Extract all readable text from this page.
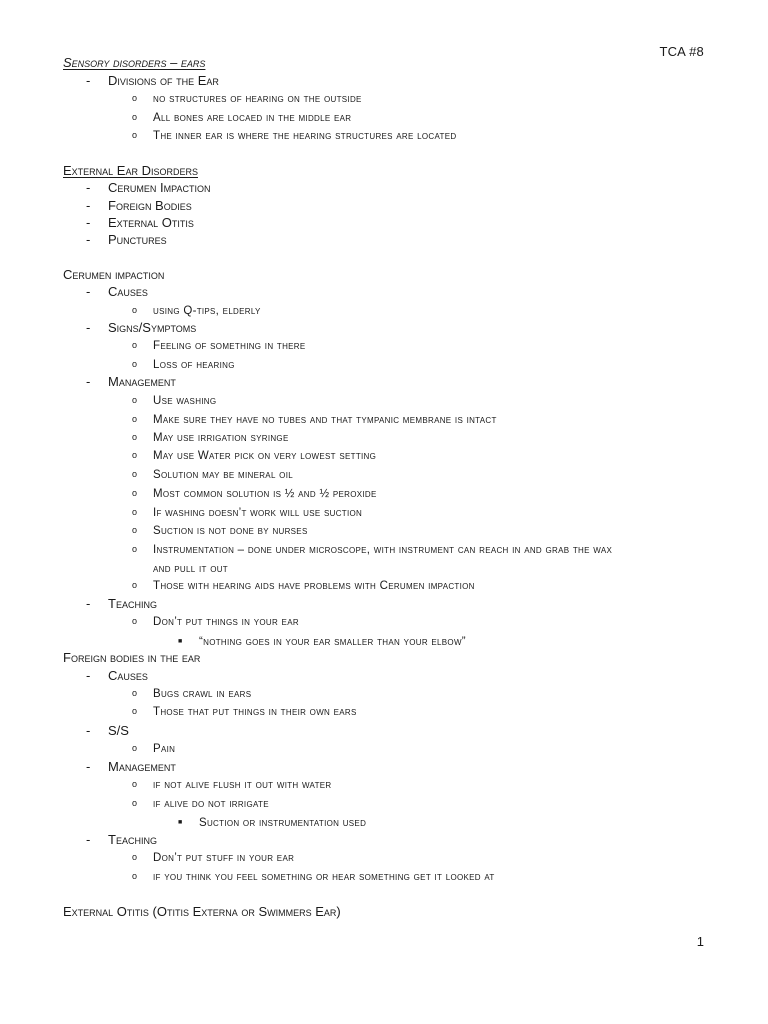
TCA #8
Sensory disorders – ears
- Divisions of the Ear
o no structures of hearing on the outside
o All bones are locaed in the middle ear
o The inner ear is where the hearing structures are located
External Ear Disorders
- Cerumen Impaction
- Foreign Bodies
- External Otitis
- Punctures
Cerumen impaction
- Causes
o using Q-tips, elderly
- Signs/Symptoms
o Feeling of something in there
o Loss of hearing
- Management
o Use washing
o Make sure they have no tubes and that tympanic membrane is intact
o May use irrigation syringe
o May use Water pick on very lowest setting
o Solution may be mineral oil
o Most common solution is ½ and ½ peroxide
o If washing doesn’t work will use suction
o Suction is not done by nurses
o Instrumentation – done under microscope, with instrument can reach in and grab the wax
and pull it out
o Those with hearing aids have problems with Cerumen impaction
- Teaching
o Don’t put things in your ear
■ “nothing goes in your ear smaller than your elbow”
Foreign bodies in the ear
- Causes
o Bugs crawl in ears
o Those that put things in their own ears
- S/S
o Pain
- Management
o if not alive flush it out with water
o if alive do not irrigate
■ Suction or instrumentation used
- Teaching
o Don’t put stuff in your ear
o if you think you feel something or hear something get it looked at
External Otitis (Otitis Externa or Swimmers Ear)
1
